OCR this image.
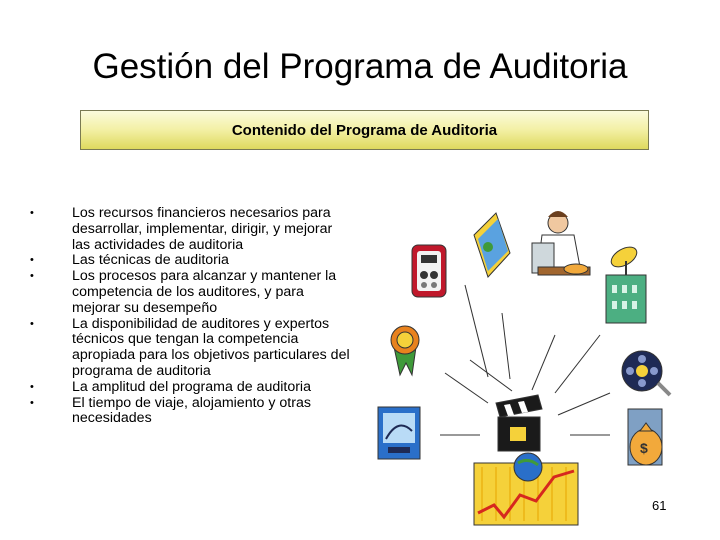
Gestión del Programa de Auditoria
Contenido del Programa de Auditoria
•	Los recursos financieros necesarios para desarrollar, implementar, dirigir, y mejorar las actividades de auditoria
•	Las técnicas de auditoria
•	Los procesos para alcanzar y mantener la competencia de los auditores, y para mejorar su desempeño
•	La disponibilidad de auditores y expertos técnicos que tengan la competencia apropiada para los objetivos particulares del programa de auditoria
•	La amplitud del programa de auditoria
•	El tiempo de viaje, alojamiento y otras necesidades
$
61
